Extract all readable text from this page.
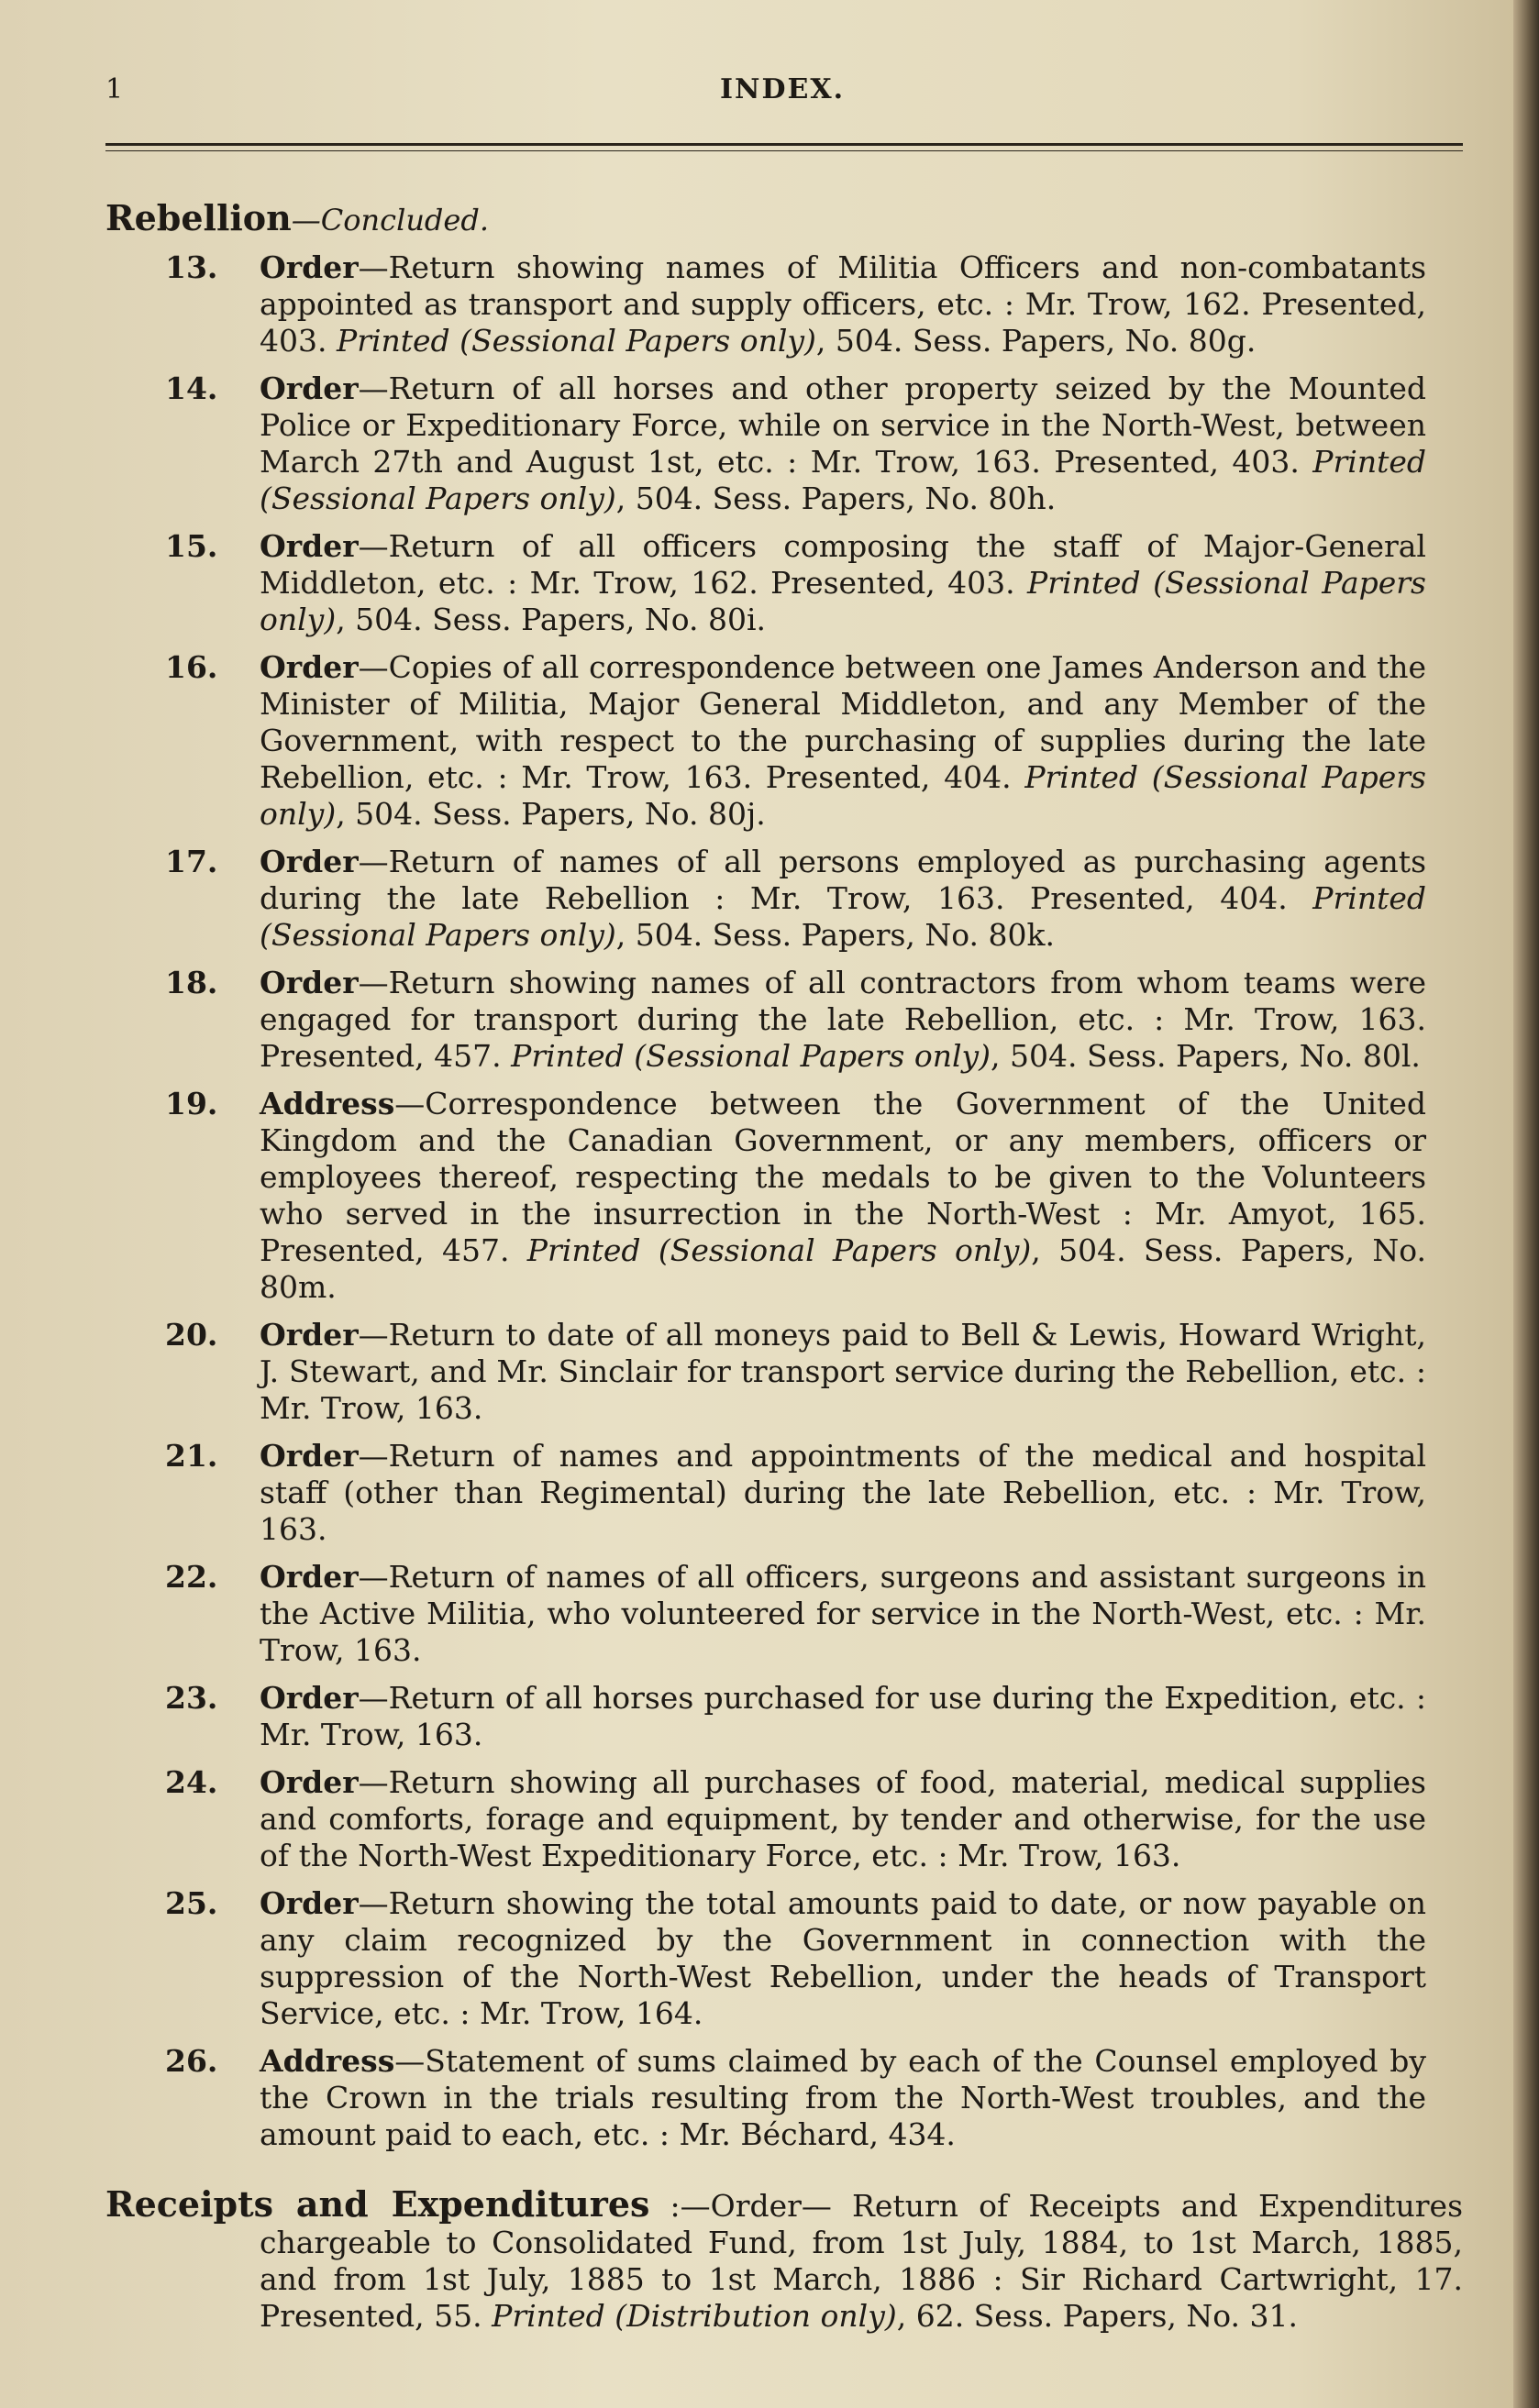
1	INDEX.
Rebellion—Concluded.
13. Order—Return showing names of Militia Officers and non-combatants appointed as transport and supply officers, etc. : Mr. Trow, 162. Presented, 403. Printed (Sessional Papers only), 504. Sess. Papers, No. 80g.
14. Order—Return of all horses and other property seized by the Mounted Police or Expeditionary Force, while on service in the North-West, between March 27th and August 1st, etc. : Mr. Trow, 163. Presented, 403. Printed (Sessional Papers only), 504. Sess. Papers, No. 80h.
15. Order—Return of all officers composing the staff of Major-General Middleton, etc. : Mr. Trow, 162. Presented, 403. Printed (Sessional Papers only), 504. Sess. Papers, No. 80i.
16. Order—Copies of all correspondence between one James Anderson and the Minister of Militia, Major General Middleton, and any Member of the Government, with respect to the purchasing of supplies during the late Rebellion, etc. : Mr. Trow, 163. Presented, 404. Printed (Sessional Papers only), 504. Sess. Papers, No. 80j.
17. Order—Return of names of all persons employed as purchasing agents during the late Rebellion : Mr. Trow, 163. Presented, 404. Printed (Sessional Papers only), 504. Sess. Papers, No. 80k.
18. Order—Return showing names of all contractors from whom teams were engaged for transport during the late Rebellion, etc. : Mr. Trow, 163. Presented, 457. Printed (Sessional Papers only), 504. Sess. Papers, No. 80l.
19. Address—Correspondence between the Government of the United Kingdom and the Canadian Government, or any members, officers or employees thereof, respecting the medals to be given to the Volunteers who served in the insurrection in the North-West : Mr. Amyot, 165. Presented, 457. Printed (Sessional Papers only), 504. Sess. Papers, No. 80m.
20. Order—Return to date of all moneys paid to Bell & Lewis, Howard Wright, J. Stewart, and Mr. Sinclair for transport service during the Rebellion, etc. : Mr. Trow, 163.
21. Order—Return of names and appointments of the medical and hospital staff (other than Regimental) during the late Rebellion, etc. : Mr. Trow, 163.
22. Order—Return of names of all officers, surgeons and assistant surgeons in the Active Militia, who volunteered for service in the North-West, etc. : Mr. Trow, 163.
23. Order—Return of all horses purchased for use during the Expedition, etc. : Mr. Trow, 163.
24. Order—Return showing all purchases of food, material, medical supplies and comforts, forage and equipment, by tender and otherwise, for the use of the North-West Expeditionary Force, etc. : Mr. Trow, 163.
25. Order—Return showing the total amounts paid to date, or now payable on any claim recognized by the Government in connection with the suppression of the North-West Rebellion, under the heads of Transport Service, etc. : Mr. Trow, 164.
26. Address—Statement of sums claimed by each of the Counsel employed by the Crown in the trials resulting from the North-West troubles, and the amount paid to each, etc. : Mr. Béchard, 434.
Receipts and Expenditures :—Order— Return of Receipts and Expenditures chargeable to Consolidated Fund, from 1st July, 1884, to 1st March, 1885, and from 1st July, 1885 to 1st March, 1886 : Sir Richard Cartwright, 17. Presented, 55. Printed (Distribution only), 62. Sess. Papers, No. 31.
